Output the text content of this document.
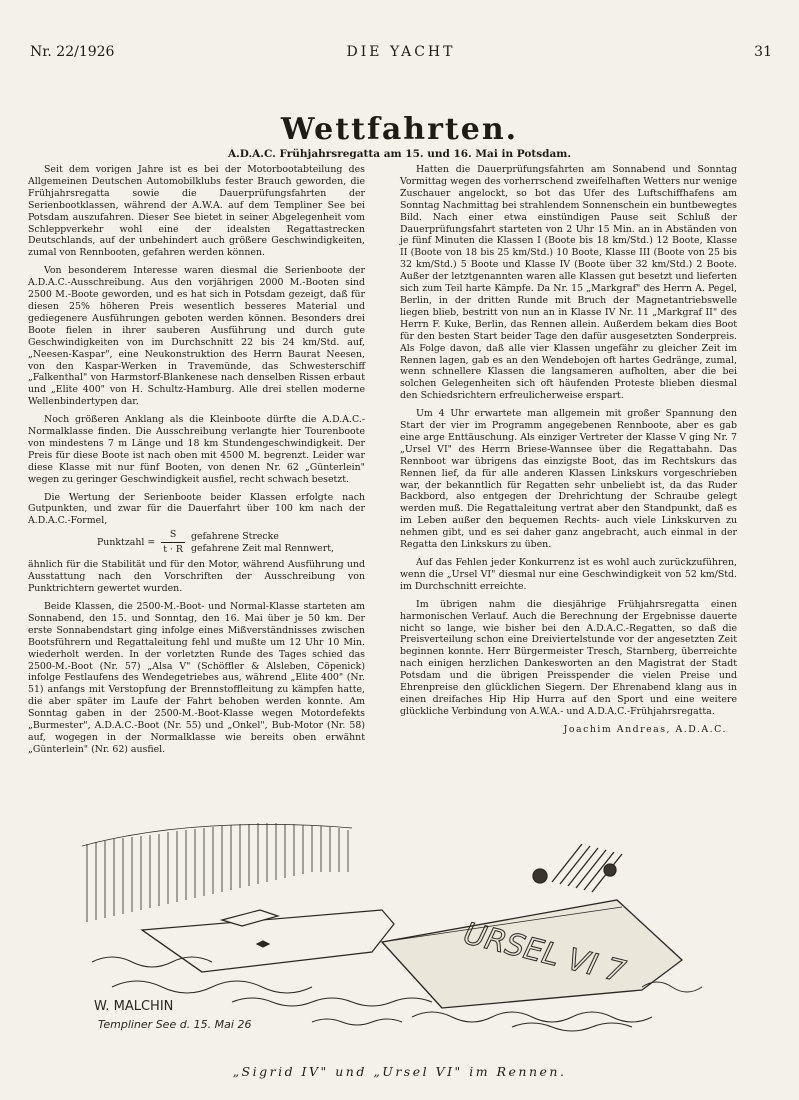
Nr. 22/1926	DIE YACHT	31
Wettfahrten.
A.D.A.C. Frühjahrsregatta am 15. und 16. Mai in Potsdam.

Seit dem vorigen Jahre ist es bei der Motorbootabteilung des Allgemeinen Deutschen Automobilklubs fester Brauch geworden, die Frühjahrsregatta sowie die Dauerprüfungsfahrten der Serienbootklassen, während der A.W.A. auf dem Templiner See bei Potsdam auszufahren. Dieser See bietet in seiner Abgelegenheit vom Schleppverkehr wohl eine der idealsten Regattastrecken Deutschlands, auf der unbehindert auch größere Geschwindigkeiten, zumal von Rennbooten, gefahren werden können.

Von besonderem Interesse waren diesmal die Serienboote der A.D.A.C.-Ausschreibung. Aus den vorjährigen 2000 M.-Booten sind 2500 M.-Boote geworden, und es hat sich in Potsdam gezeigt, daß für diesen 25% höheren Preis wesentlich besseres Material und gediegenere Ausführungen geboten werden können. Besonders drei Boote fielen in ihrer sauberen Ausführung und durch gute Geschwindigkeiten von im Durchschnitt 22 bis 24 km/Std. auf, „Neesen-Kaspar", eine Neukonstruktion des Herrn Baurat Neesen, von den Kaspar-Werken in Travemünde, das Schwesterschiff „Falkenthal" von Harmstorf-Blankenese nach denselben Rissen erbaut und „Elite 400" von H. Schultz-Hamburg. Alle drei stellen moderne Wellenbindertypen dar.

Noch größeren Anklang als die Kleinboote dürfte die A.D.A.C.-Normalklasse finden. Die Ausschreibung verlangte hier Tourenboote von mindestens 7 m Länge und 18 km Stundengeschwindigkeit. Der Preis für diese Boote ist nach oben mit 4500 M. begrenzt. Leider war diese Klasse mit nur fünf Booten, von denen Nr. 62 „Günterlein" wegen zu geringer Geschwindigkeit ausfiel, recht schwach besetzt.

Die Wertung der Serienboote beider Klassen erfolgte nach Gutpunkten, und zwar für die Dauerfahrt über 100 km nach der A.D.A.C.-Formel,

Punktzahl = $\frac{S}{t \cdot R}$
gefahrene Strecke
gefahrene Zeit mal Rennwert,

ähnlich für die Stabilität und für den Motor, während Ausführung und Ausstattung nach den Vorschriften der Ausschreibung von Punktrichtern gewertet wurden.

Beide Klassen, die 2500-M.-Boot- und Normal-Klasse starteten am Sonnabend, den 15. und Sonntag, den 16. Mai über je 50 km. Der erste Sonnabendstart ging infolge eines Mißverständnisses zwischen Bootsführern und Regattaleitung fehl und mußte um 12 Uhr 10 Min. wiederholt werden. In der vorletzten Runde des Tages schied das 2500-M.-Boot (Nr. 57) „Alsa V" (Schöffler & Alsleben, Cöpenick) infolge Festlaufens des Wendegetriebes aus, während „Elite 400" (Nr. 51) anfangs mit Verstopfung der Brennstoffleitung zu kämpfen hatte, die aber später im Laufe der Fahrt behoben werden konnte. Am Sonntag gaben in der 2500-M.-Boot-Klasse wegen Motordefekts „Burmester", A.D.A.C.-Boot (Nr. 55) und „Onkel", Bub-Motor (Nr. 58) auf, wogegen in der Normalklasse wie bereits oben erwähnt „Günterlein" (Nr. 62) ausfiel.

Hatten die Dauerprüfungsfahrten am Sonnabend und Sonntag Vormittag wegen des vorherrschend zweifelhaften Wetters nur wenige Zuschauer angelockt, so bot das Ufer des Luftschiffhafens am Sonntag Nachmittag bei strahlendem Sonnenschein ein buntbewegtes Bild. Nach einer etwa einstündigen Pause seit Schluß der Dauerprüfungsfahrt starteten von 2 Uhr 15 Min. an in Abständen von je fünf Minuten die Klassen I (Boote bis 18 km/Std.) 12 Boote, Klasse II (Boote von 18 bis 25 km/Std.) 10 Boote, Klasse III (Boote von 25 bis 32 km/Std.) 5 Boote und Klasse IV (Boote über 32 km/Std.) 2 Boote. Außer der letztgenannten waren alle Klassen gut besetzt und lieferten sich zum Teil harte Kämpfe. Da Nr. 15 „Markgraf" des Herrn A. Pegel, Berlin, in der dritten Runde mit Bruch der Magnetantriebswelle liegen blieb, bestritt von nun an in Klasse IV Nr. 11 „Markgraf II" des Herrn F. Kuke, Berlin, das Rennen allein. Außerdem bekam dies Boot für den besten Start beider Tage den dafür ausgesetzten Sonderpreis. Als Folge davon, daß alle vier Klassen ungefähr zu gleicher Zeit im Rennen lagen, gab es an den Wendebojen oft hartes Gedränge, zumal, wenn schnellere Klassen die langsameren aufholten, aber die bei solchen Gelegenheiten sich oft häufenden Proteste blieben diesmal den Schiedsrichtern erfreulicherweise erspart.

Um 4 Uhr erwartete man allgemein mit großer Spannung den Start der vier im Programm angegebenen Rennboote, aber es gab eine arge Enttäuschung. Als einziger Vertreter der Klasse V ging Nr. 7 „Ursel VI" des Herrn Briese-Wannsee über die Regattabahn. Das Rennboot war übrigens das einzigste Boot, das im Rechtskurs das Rennen lief, da für alle anderen Klassen Linkskurs vorgeschrieben war, der bekanntlich für Regatten sehr unbeliebt ist, da das Ruder Backbord, also entgegen der Drehrichtung der Schraube gelegt werden muß. Die Regattaleitung vertrat aber den Standpunkt, daß es im Leben außer den bequemen Rechts- auch viele Linkskurven zu nehmen gibt, und es sei daher ganz angebracht, auch einmal in der Regatta den Linkskurs zu üben.

Auf das Fehlen jeder Konkurrenz ist es wohl auch zurückzuführen, wenn die „Ursel VI" diesmal nur eine Geschwindigkeit von 52 km/Std. im Durchschnitt erreichte.

Im übrigen nahm die diesjährige Frühjahrsregatta einen harmonischen Verlauf. Auch die Berechnung der Ergebnisse dauerte nicht so lange, wie bisher bei den A.D.A.C.-Regatten, so daß die Preisverteilung schon eine Dreiviertelstunde vor der angesetzten Zeit beginnen konnte. Herr Bürgermeister Tresch, Starnberg, überreichte nach einigen herzlichen Dankesworten an den Magistrat der Stadt Potsdam und die übrigen Preisspender die vielen Preise und Ehrenpreise den glücklichen Siegern. Der Ehrenabend klang aus in einen dreifaches Hip Hip Hurra auf den Sport und eine weitere glückliche Verbindung von A.W.A.- und A.D.A.C.-Frühjahrsregatta.

Joachim Andreas, A.D.A.C.
URSEL VI 7
W. MALCHIN
Templiner See d. 15. Mai 26
„Sigrid IV" und „Ursel VI" im Rennen.
